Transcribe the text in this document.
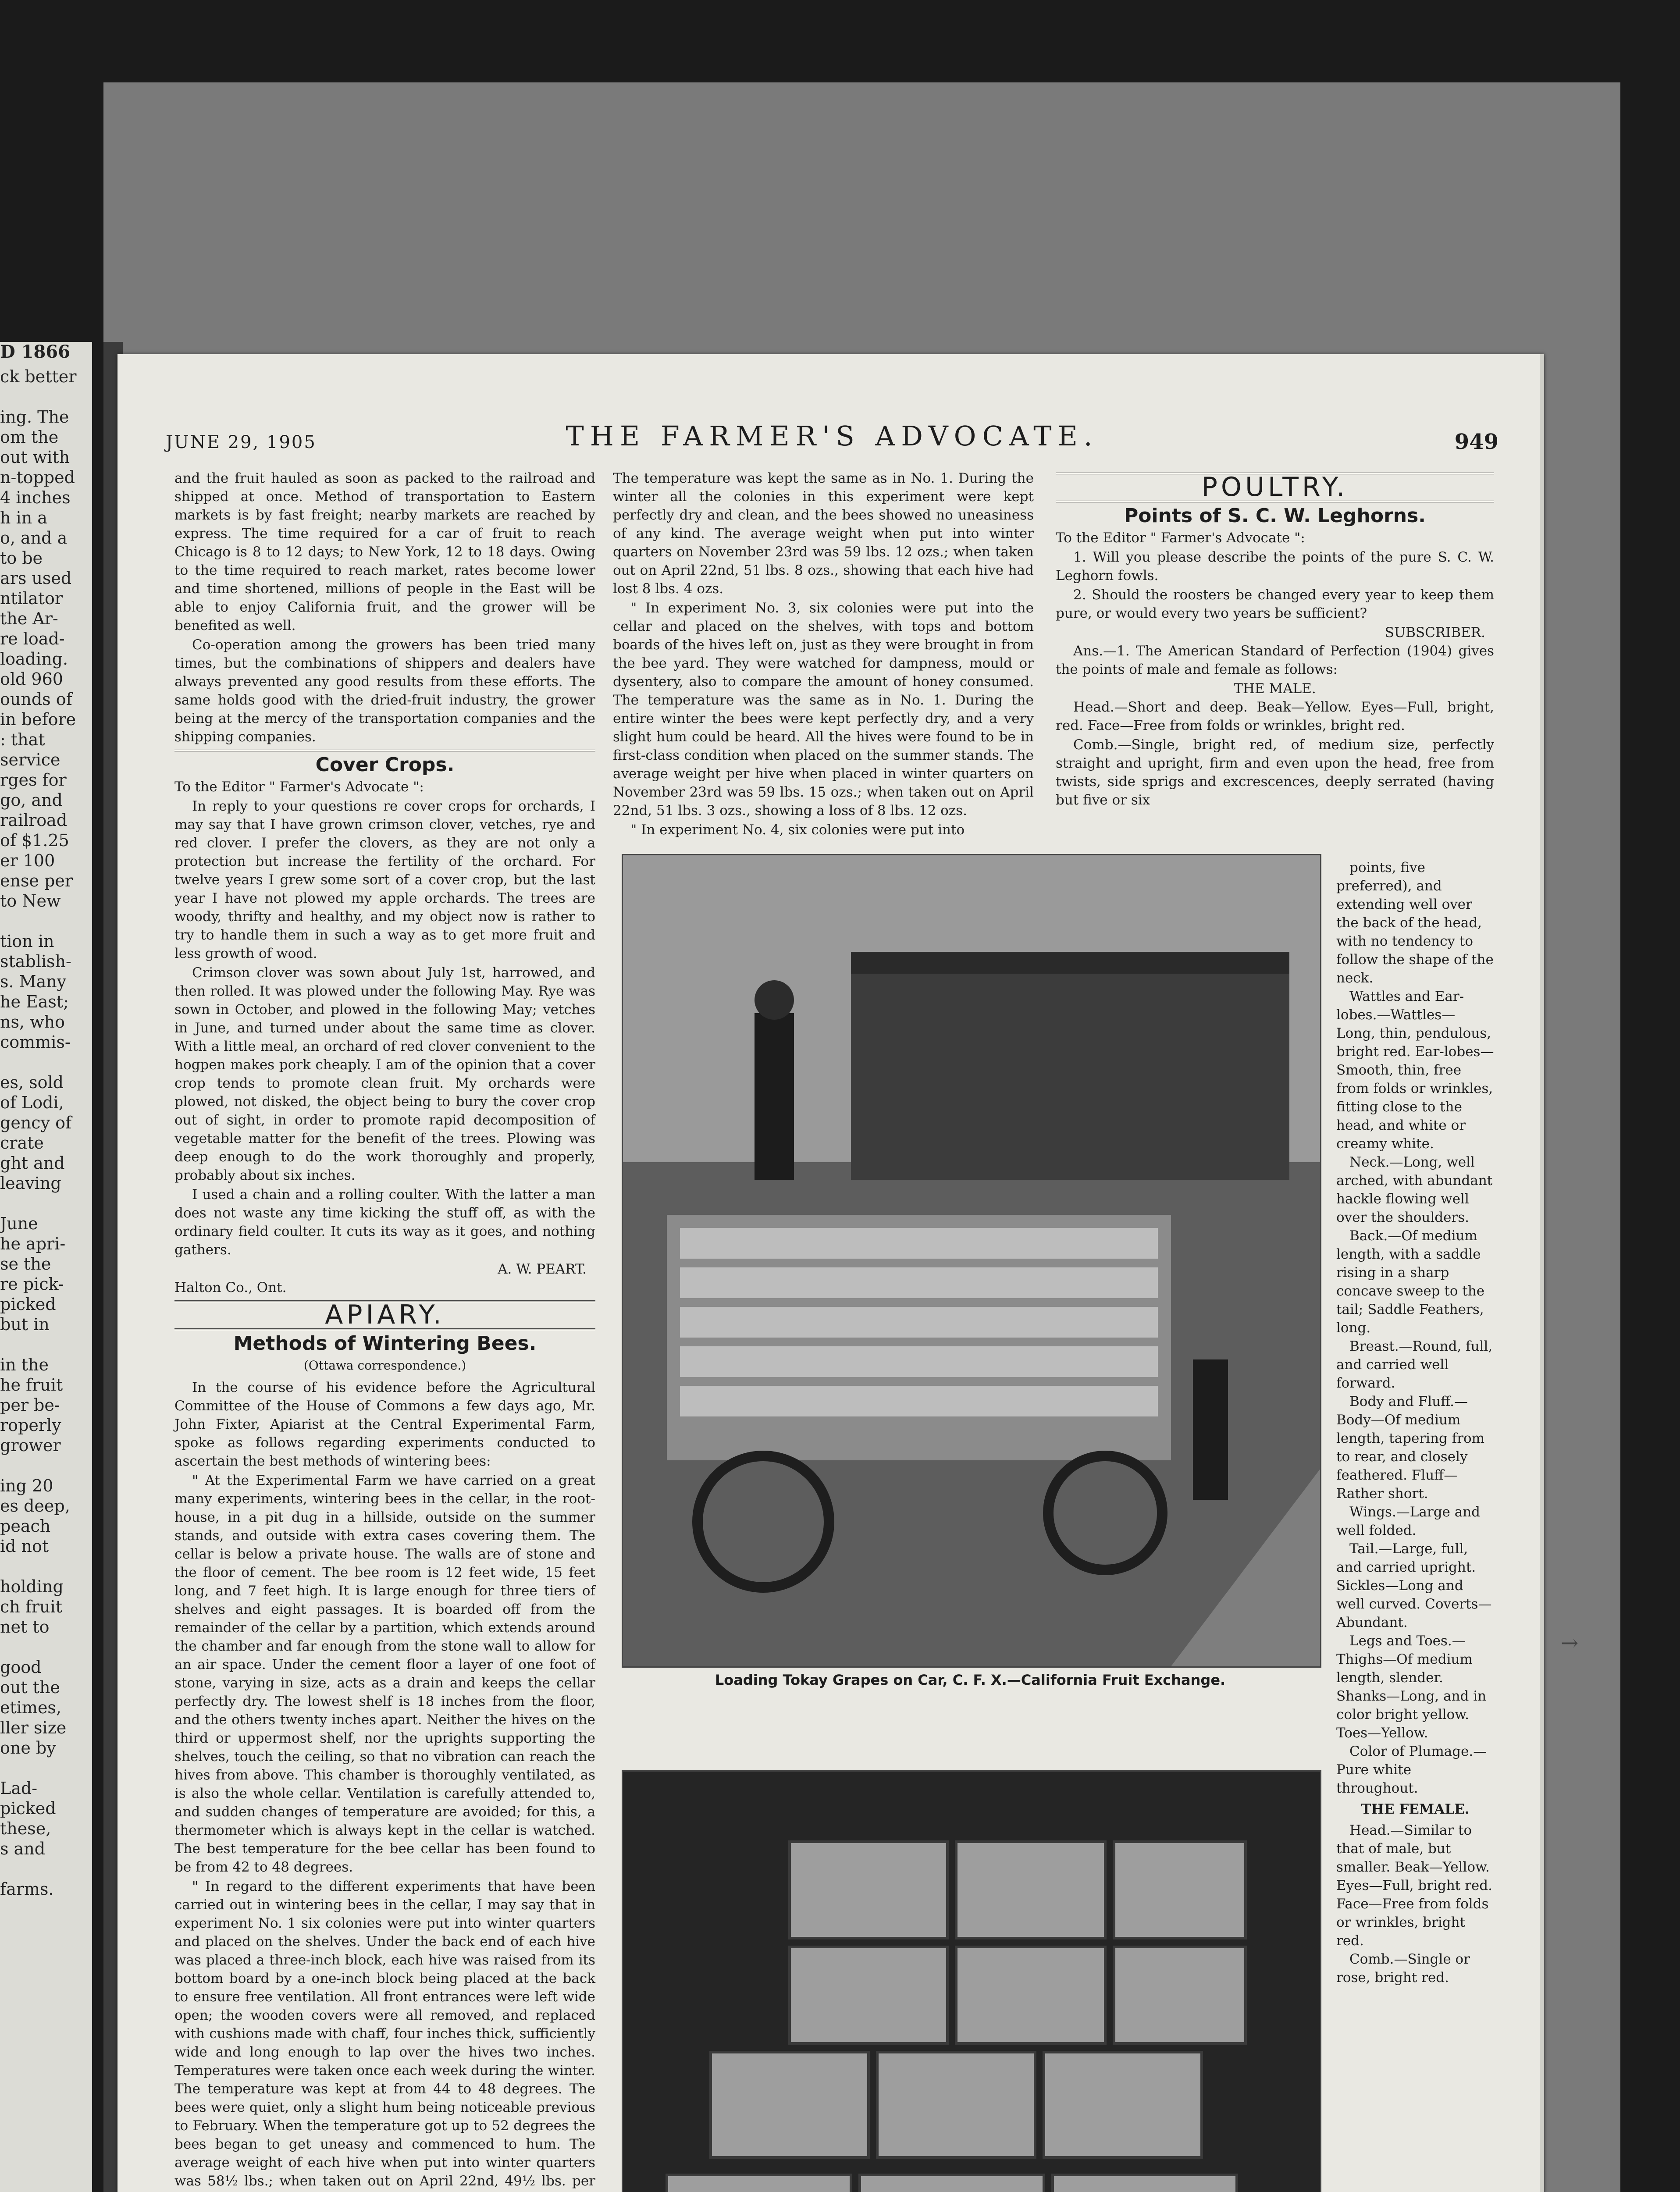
D 1866
ck better
ing. The
om the
out with
n-topped
4 inches
h in a
o, and a
to be
ars used
ntilator
the Ar-
re load-
loading.
old 960
ounds of
in before
: that
service
rges for
go, and
railroad
of $1.25
er 100
ense per
to New
tion in
stablish-
s. Many
he East;
ns, who
commis-
es, sold
of Lodi,
gency of
crate
ght and
leaving
June
he apri-
se the
re pick-
picked
but in
in the
he fruit
per be-
roperly
grower
ing 20
es deep,
peach
id not
holding
ch fruit
net to
good
out the
etimes,
ller size
one by
Lad-
picked
these,
s and
farms.
JUNE 29, 1905	THE FARMER'S ADVOCATE.	949

and the fruit hauled as soon as packed to the railroad and shipped at once. Method of transportation to Eastern markets is by fast freight; nearby markets are reached by express. The time required for a car of fruit to reach Chicago is 8 to 12 days; to New York, 12 to 18 days. Owing to the time required to reach market, rates become lower and time shortened, millions of people in the East will be able to enjoy California fruit, and the grower will be benefited as well.

Co-operation among the growers has been tried many times, but the combinations of shippers and dealers have always prevented any good results from these efforts. The same holds good with the dried-fruit industry, the grower being at the mercy of the transportation companies and the shipping companies.

Cover Crops.

To the Editor " Farmer's Advocate ":

In reply to your questions re cover crops for orchards, I may say that I have grown crimson clover, vetches, rye and red clover. I prefer the clovers, as they are not only a protection but increase the fertility of the orchard. For twelve years I grew some sort of a cover crop, but the last year I have not plowed my apple orchards. The trees are woody, thrifty and healthy, and my object now is rather to try to handle them in such a way as to get more fruit and less growth of wood.

Crimson clover was sown about July 1st, harrowed, and then rolled. It was plowed under the following May. Rye was sown in October, and plowed in the following May; vetches in June, and turned under about the same time as clover. With a little meal, an orchard of red clover convenient to the hogpen makes pork cheaply. I am of the opinion that a cover crop tends to promote clean fruit. My orchards were plowed, not disked, the object being to bury the cover crop out of sight, in order to promote rapid decomposition of vegetable matter for the benefit of the trees. Plowing was deep enough to do the work thoroughly and properly, probably about six inches.

I used a chain and a rolling coulter. With the latter a man does not waste any time kicking the stuff off, as with the ordinary field coulter. It cuts its way as it goes, and nothing gathers.

A. W. PEART.

Halton Co., Ont.

APIARY.
Methods of Wintering Bees.
(Ottawa correspondence.)

In the course of his evidence before the Agricultural Committee of the House of Commons a few days ago, Mr. John Fixter, Apiarist at the Central Experimental Farm, spoke as follows regarding experiments conducted to ascertain the best methods of wintering bees:

" At the Experimental Farm we have carried on a great many experiments, wintering bees in the cellar, in the root-house, in a pit dug in a hillside, outside on the summer stands, and outside with extra cases covering them. The cellar is below a private house. The walls are of stone and the floor of cement. The bee room is 12 feet wide, 15 feet long, and 7 feet high. It is large enough for three tiers of shelves and eight passages. It is boarded off from the remainder of the cellar by a partition, which extends around the chamber and far enough from the stone wall to allow for an air space. Under the cement floor a layer of one foot of stone, varying in size, acts as a drain and keeps the cellar perfectly dry. The lowest shelf is 18 inches from the floor, and the others twenty inches apart. Neither the hives on the third or uppermost shelf, nor the uprights supporting the shelves, touch the ceiling, so that no vibration can reach the hives from above. This chamber is thoroughly ventilated, as is also the whole cellar. Ventilation is carefully attended to, and sudden changes of temperature are avoided; for this, a thermometer which is always kept in the cellar is watched. The best temperature for the bee cellar has been found to be from 42 to 48 degrees.

" In regard to the different experiments that have been carried out in wintering bees in the cellar, I may say that in experiment No. 1 six colonies were put into winter quarters and placed on the shelves. Under the back end of each hive was placed a three-inch block, each hive was raised from its bottom board by a one-inch block being placed at the back to ensure free ventilation. All front entrances were left wide open; the wooden covers were all removed, and replaced with cushions made with chaff, four inches thick, sufficiently wide and long enough to lap over the hives two inches. Temperatures were taken once each week during the winter. The temperature was kept at from 44 to 48 degrees. The bees were quiet, only a slight hum being noticeable previous to February. When the temperature got up to 52 degrees the bees began to get uneasy and commenced to hum. The average weight of each hive when put into winter quarters was 58½ lbs.; when taken out on April 22nd, 49½ lbs. per

The temperature was kept the same as in No. 1. During the winter all the colonies in this experiment were kept perfectly dry and clean, and the bees showed no uneasiness of any kind. The average weight when put into winter quarters on November 23rd was 59 lbs. 12 ozs.; when taken out on April 22nd, 51 lbs. 8 ozs., showing that each hive had lost 8 lbs. 4 ozs.

" In experiment No. 3, six colonies were put into the cellar and placed on the shelves, with tops and bottom boards of the hives left on, just as they were brought in from the bee yard. They were watched for dampness, mould or dysentery, also to compare the amount of honey consumed. The temperature was the same as in No. 1. During the entire winter the bees were kept perfectly dry, and a very slight hum could be heard. All the hives were found to be in first-class condition when placed on the summer stands. The average weight per hive when placed in winter quarters on November 23rd was 59 lbs. 15 ozs.; when taken out on April 22nd, 51 lbs. 3 ozs., showing a loss of 8 lbs. 12 ozs.

" In experiment No. 4, six colonies were put into

Loading Tokay Grapes on Car, C. F. X.—California Fruit Exchange.
POULTRY.
Points of S. C. W. Leghorns.

To the Editor " Farmer's Advocate ":

1. Will you please describe the points of the pure S. C. W. Leghorn fowls.

2. Should the roosters be changed every year to keep them pure, or would every two years be sufficient?

SUBSCRIBER.

Ans.—1. The American Standard of Perfection (1904) gives the points of male and female as follows:

THE MALE.

Head.—Short and deep. Beak—Yellow. Eyes—Full, bright, red. Face—Free from folds or wrinkles, bright red.

Comb.—Single, bright red, of medium size, perfectly straight and upright, firm and even upon the head, free from twists, side sprigs and excrescences, deeply serrated (having but five or six

points, five preferred), and extending well over the back of the head, with no tendency to follow the shape of the neck.

Wattles and Ear-lobes.—Wattles—Long, thin, pendulous, bright red. Ear-lobes—Smooth, thin, free from folds or wrinkles, fitting close to the head, and white or creamy white.

Neck.—Long, well arched, with abundant hackle flowing well over the shoulders.

Back.—Of medium length, with a saddle rising in a sharp concave sweep to the tail; Saddle Feathers, long.

Breast.—Round, full, and carried well forward.

Body and Fluff.—Body—Of medium length, tapering from to rear, and closely feathered. Fluff—Rather short.

Wings.—Large and well folded.

Tail.—Large, full, and carried upright. Sickles—Long and well curved. Coverts—Abundant.

Legs and Toes.—Thighs—Of medium length, slender. Shanks—Long, and in color bright yellow. Toes—Yellow.

Color of Plumage.—Pure white throughout.

THE FEMALE.

Head.—Similar to that of male, but smaller. Beak—Yellow. Eyes—Full, bright red. Face—Free from folds or wrinkles, bright red.

Comb.—Single or rose, bright red.

→
